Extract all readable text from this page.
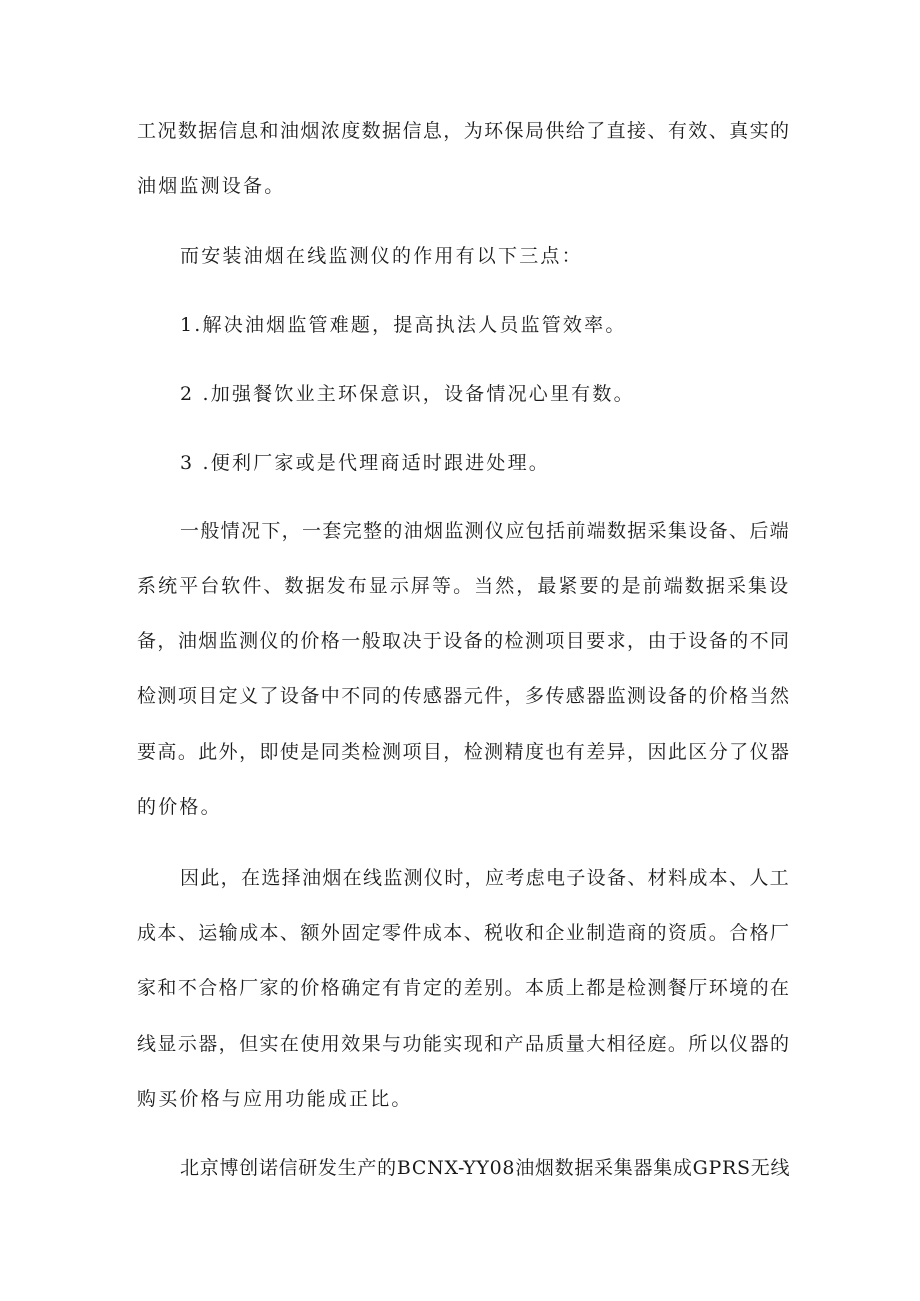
工况数据信息和油烟浓度数据信息，为环保局供给了直接、有效、真实的
油烟监测设备。
而安装油烟在线监测仪的作用有以下三点：
1.解决油烟监管难题，提高执法人员监管效率。
2 .加强餐饮业主环保意识，设备情况心里有数。
3 .便利厂家或是代理商适时跟进处理。
一般情况下，一套完整的油烟监测仪应包括前端数据采集设备、后端
系统平台软件、数据发布显示屏等。当然，最紧要的是前端数据采集设
备，油烟监测仪的价格一般取决于设备的检测项目要求，由于设备的不同
检测项目定义了设备中不同的传感器元件，多传感器监测设备的价格当然
要高。此外，即使是同类检测项目，检测精度也有差异，因此区分了仪器
的价格。
因此，在选择油烟在线监测仪时，应考虑电子设备、材料成本、人工
成本、运输成本、额外固定零件成本、税收和企业制造商的资质。合格厂
家和不合格厂家的价格确定有肯定的差别。本质上都是检测餐厅环境的在
线显示器，但实在使用效果与功能实现和产品质量大相径庭。所以仪器的
购买价格与应用功能成正比。
北京博创诺信研发生产的BCNX-YY08油烟数据采集器集成GPRS无线
